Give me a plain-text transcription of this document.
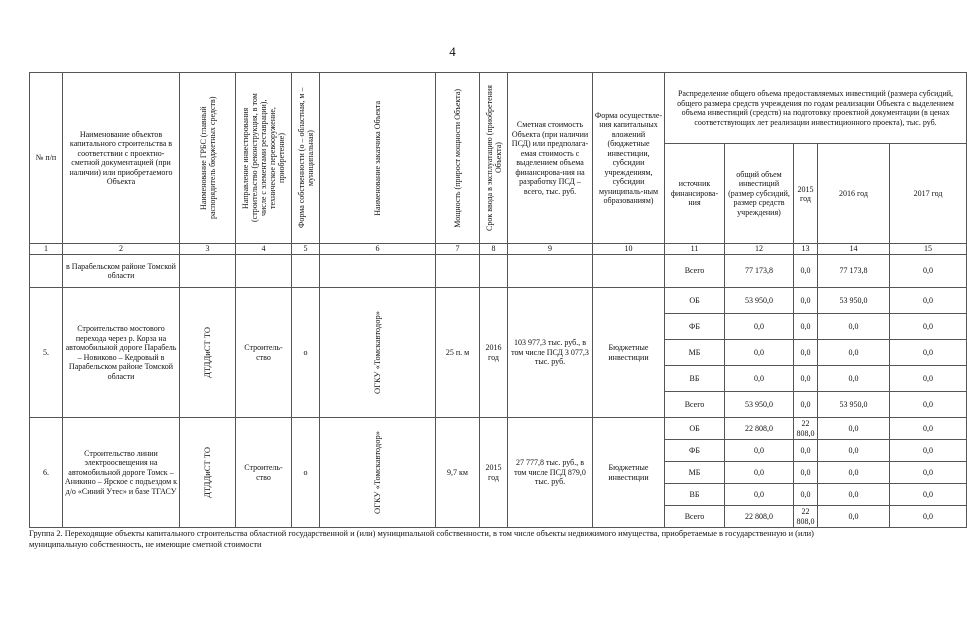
4
№ п/п	Наименование объектов капитального строительства в соответствии с проектно-сметной документацией (при наличии) или приобретаемого Объекта	Наименование ГРБС (главный распорядитель бюджетных средств)	Направление инвестирования (строительство (реконструкция, в том числе с элементами реставрации), техническое перевооружение, приобретение)	Форма собственности (о – областная, м – муниципальная)	Наименование заказчика Объекта	Мощность (прирост мощности Объекта)	Срок ввода в эксплуатацию (приобретения Объекта)	Сметная стоимость Объекта (при наличии ПСД) или предполага-емая стоимость с выделением объема финансирова-ния на разработку ПСД – всего, тыс. руб.	Форма осуществле-ния капитальных вложений (бюджетные инвестиции, субсидии учреждениям, субсидии муниципаль-ным образованиям)	Распределение общего объема предоставляемых инвестиций (размера субсидий, общего размера средств учреждения по годам реализации Объекта с выделением объема инвестиций (средств) на подготовку проектной документации (в ценах соответствующих лет реализации инвестиционного проекта), тыс. руб.				
										источник финансирова-ния	общий объем инвестиций (размер субсидий, размер средств учреждения)	2015 год	2016 год	2017 год
1	2	3	4	5	6	7	8	9	10	11	12	13	14	15
	в Парабельском районе Томской области									Всего	77 173,8	0,0	77 173,8	0,0
5.	Строительство мостового перехода через р. Корза на автомобильной дороге Парабель – Новиково – Кедровый в Парабельском районе Томской области	ДТДДиСТ ТО	Строитель-ство	о	ОГКУ «Томскавтодор»	25 п. м	2016 год	103 977,3 тыс. руб., в том числе ПСД 3 077,3 тыс. руб.	Бюджетные инвестиции	ОБ	53 950,0	0,0	53 950,0	0,0
										ФБ	0,0	0,0	0,0	0,0
										МБ	0,0	0,0	0,0	0,0
										ВБ	0,0	0,0	0,0	0,0
										Всего	53 950,0	0,0	53 950,0	0,0
6.	Строительство линии электроосвещения на автомобильной дороге Томск – Аникино – Ярское с подъездом к д/о «Синий Утес» и базе ТГАСУ	ДТДДиСТ ТО	Строитель-ство	о	ОГКУ «Томскавтодор»	9,7 км	2015 год	27 777,8 тыс. руб., в том числе ПСД 879,0 тыс. руб.	Бюджетные инвестиции	ОБ	22 808,0	22 808,0	0,0	0,0
										ФБ	0,0	0,0	0,0	0,0
										МБ	0,0	0,0	0,0	0,0
										ВБ	0,0	0,0	0,0	0,0
										Всего	22 808,0	22 808,0	0,0	0,0
Группа 2. Переходящие объекты капитального строительства областной государственной и (или) муниципальной собственности, в том числе объекты недвижимого имущества, приобретаемые в государственную и (или) муниципальную собственность, не имеющие сметной стоимости
